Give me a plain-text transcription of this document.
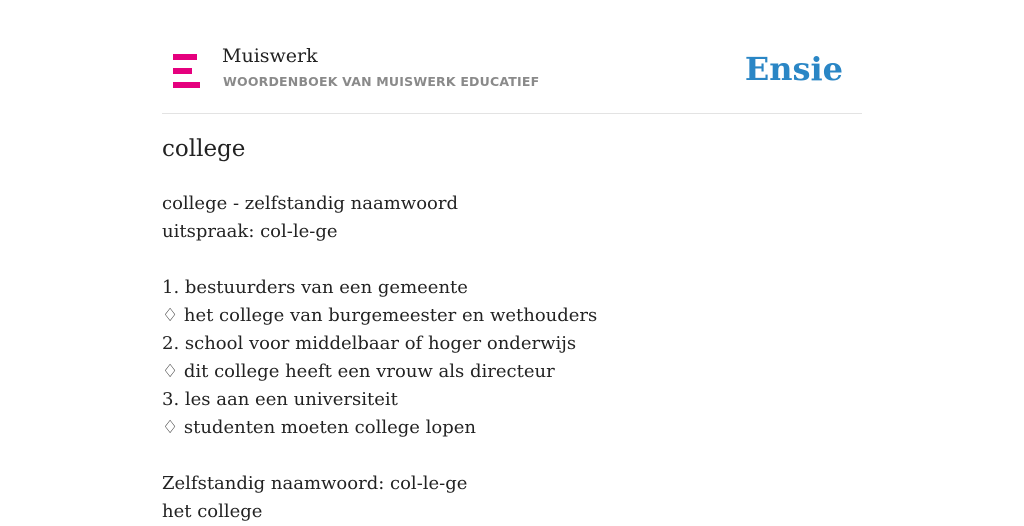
Muiswerk
WOORDENBOEK VAN MUISWERK EDUCATIEF	Ensie
college
college - zelfstandig naamwoord
uitspraak: col-le-ge
1. bestuurders van een gemeente
♢ het college van burgemeester en wethouders
2. school voor middelbaar of hoger onderwijs
♢ dit college heeft een vrouw als directeur
3. les aan een universiteit
♢ studenten moeten college lopen
Zelfstandig naamwoord: col-le-ge
het college
